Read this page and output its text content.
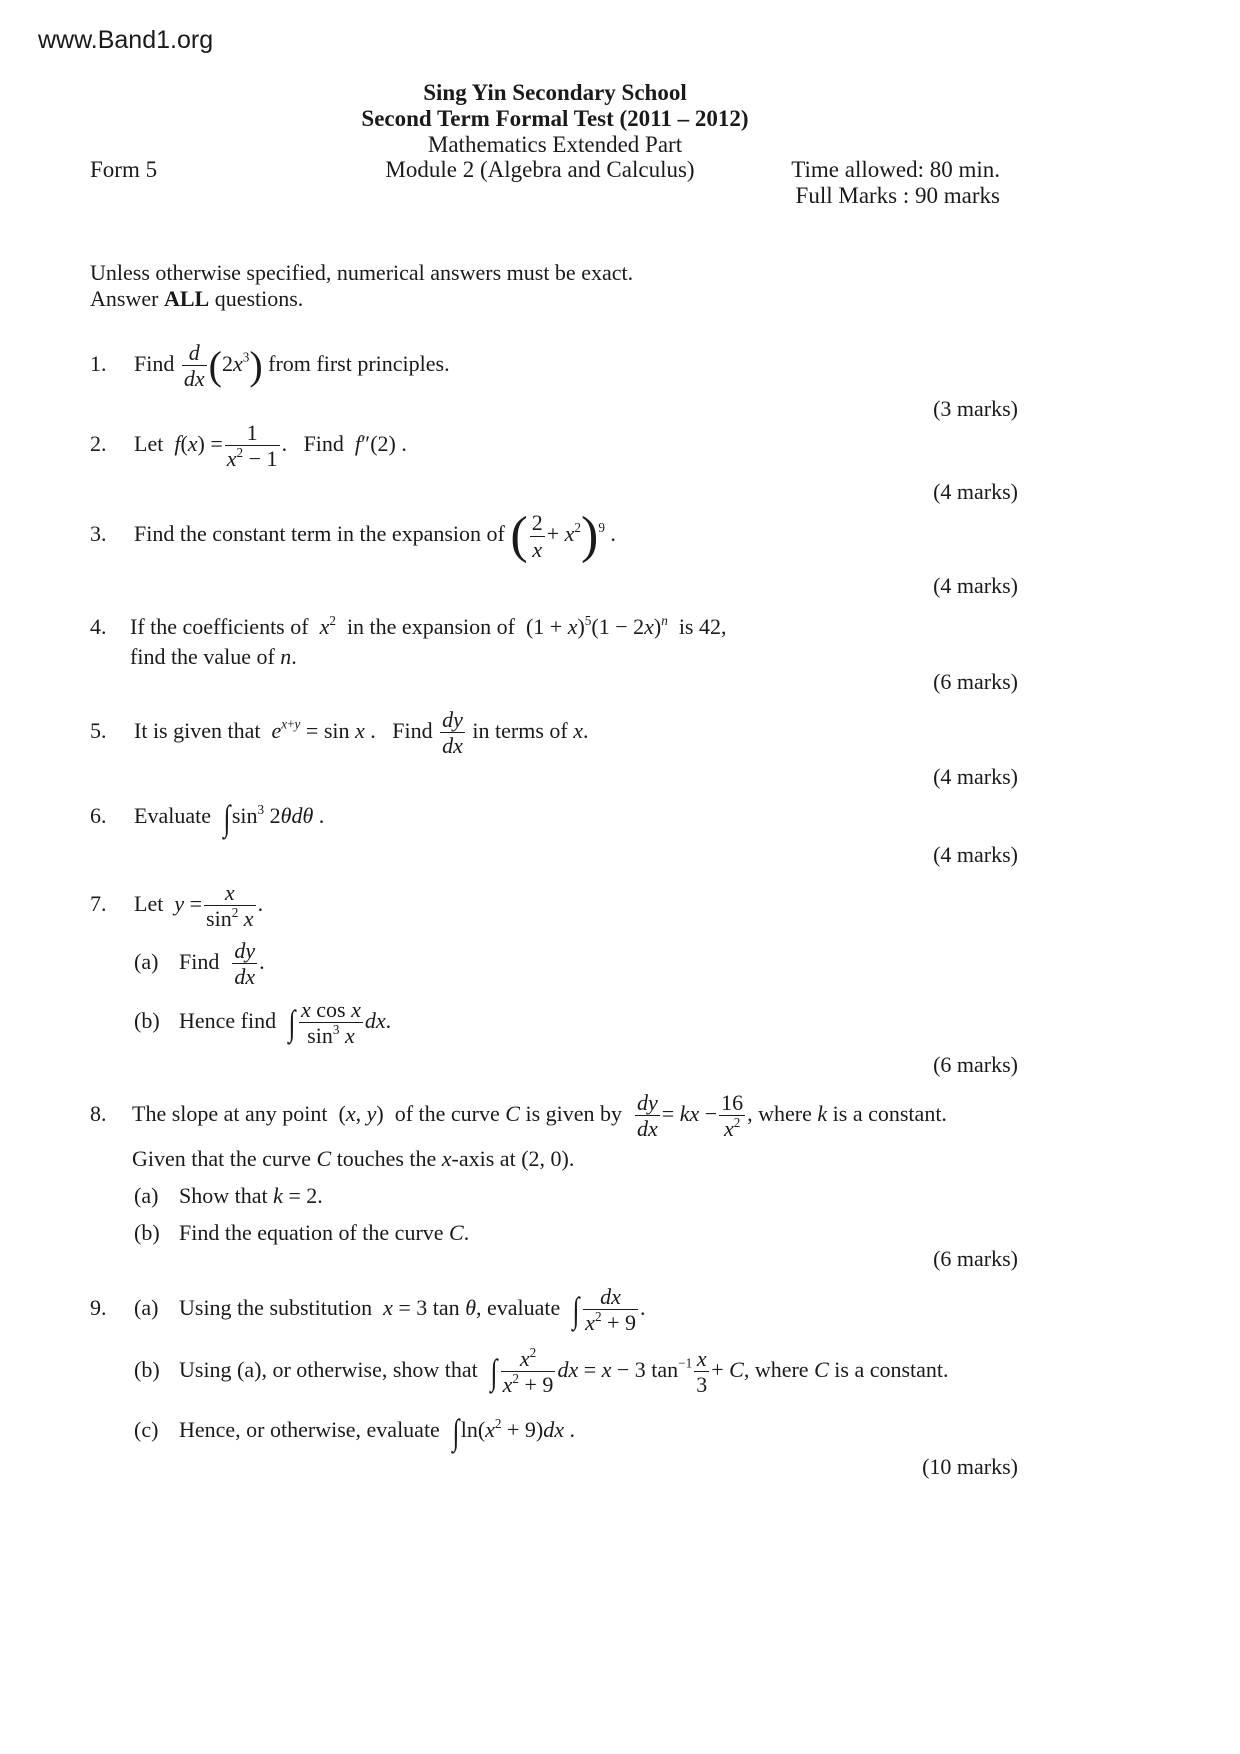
www.Band1.org
Sing Yin Secondary School
Second Term Formal Test (2011 – 2012)
Mathematics Extended Part
Module 2 (Algebra and Calculus)
Form 5	Time allowed: 80 min.
Full Marks : 90 marks
Unless otherwise specified, numerical answers must be exact.
Answer ALL questions.
1. Find $\frac{d}{dx} (2x^3)$ from first principles.
(3 marks)
2. Let $f(x) = \frac{1}{x^2 - 1}$ .   Find f″(2) .
(4 marks)
3. Find the constant term in the expansion of ( $\frac{2}{x} + x^2)^9$ .
(4 marks)
4. If the coefficients of $x^2$ in the expansion of  $(1 + x)^5(1 - 2x)^n$ is 42,
find the value of n.
(6 marks)
5. It is given that $e^{x+y} = \sin x$ .   Find $\frac{dy}{dx}$ in terms of x.
(4 marks)
6. Evaluate $\int\sin^3$ 2θdθ .
(4 marks)
7. Let $y = \frac{x}{\sin^2 x}$ .
(a) Find $\frac{dy}{dx}$ .
(b) Hence find ∫ $\frac{\text{x cos x}}{\sin^3 x}$ dx.
(6 marks)
8. The slope at any point  (x, y)  of the curve C is given by $\frac{dy}{dx}$ = kx − $\frac{16}{x^2}$ , where k is a constant.
Given that the curve C touches the x-axis at (2, 0).
(a) Show that k = 2.
(b) Find the equation of the curve C.
(6 marks)
9. (a) Using the substitution x = 3 tan θ, evaluate ∫ $\frac{dx}{x^2 + 9}$ .
(b) Using (a), or otherwise, show that ∫ $\frac{x^2}{x^2 + 9}$ dx = x − 3 $\tan^{-1} \frac{x}{3} + C$, where C is a constant.
(c) Hence, or otherwise, evaluate $\int\ln(x^2 + 9)dx$ .
(10 marks)
